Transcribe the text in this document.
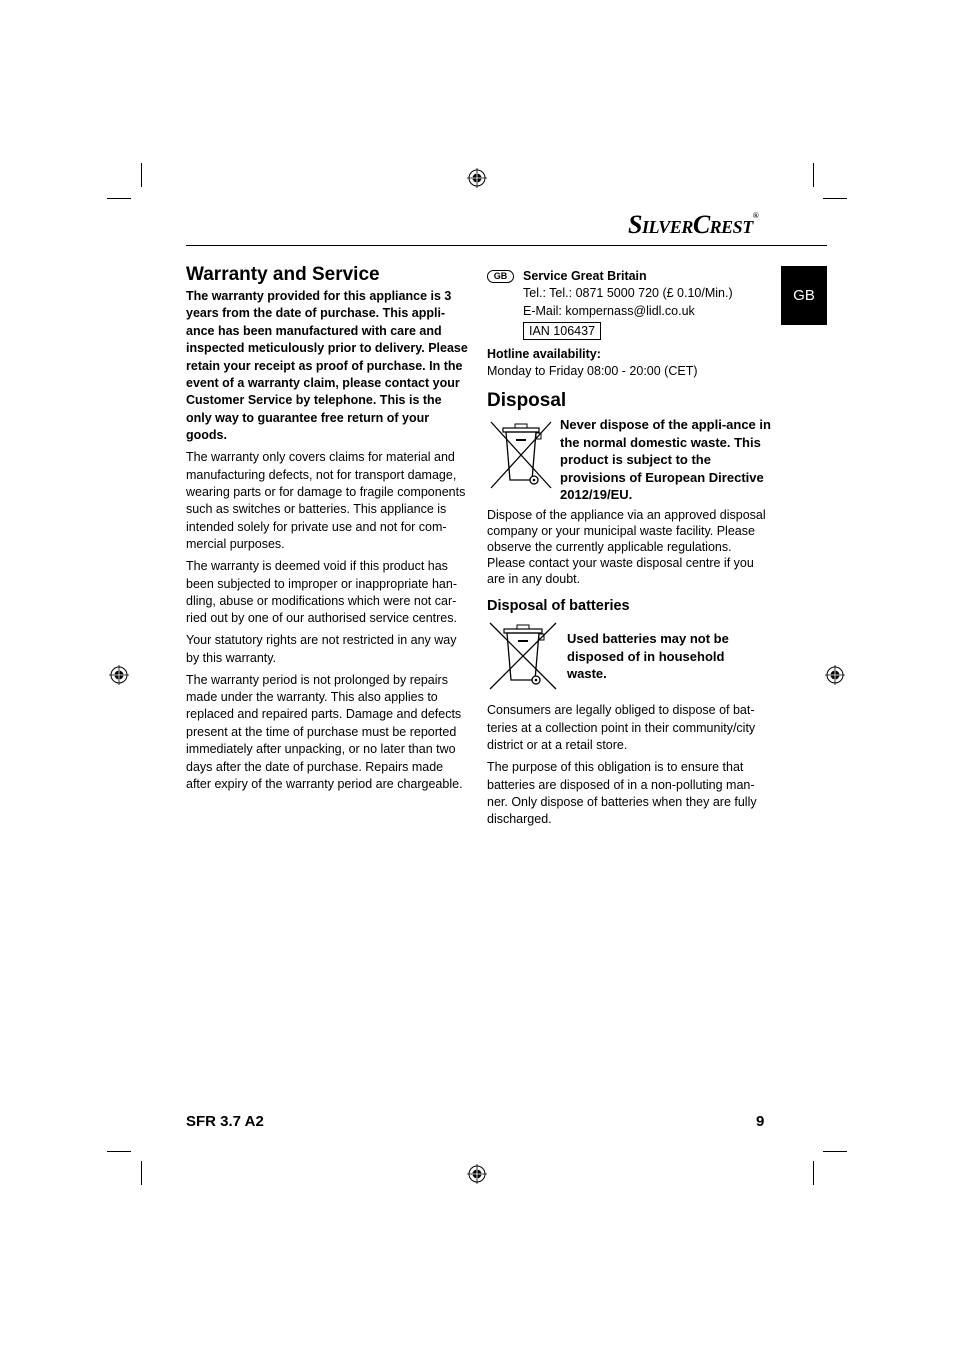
SILVERCREST®
GB
Warranty and Service

The warranty provided for this appliance is 3 years from the date of purchase. This appli-ance has been manufactured with care and inspected meticulously prior to delivery. Please retain your receipt as proof of purchase. In the event of a warranty claim, please contact your Customer Service by telephone. This is the only way to guarantee free return of your goods.

The warranty only covers claims for material and manufacturing defects, not for transport damage, wearing parts or for damage to fragile components such as switches or batteries. This appliance is intended solely for private use and not for com-mercial purposes.

The warranty is deemed void if this product has been subjected to improper or inappropriate han-dling, abuse or modifications which were not car-ried out by one of our authorised service centres.

Your statutory rights are not restricted in any way by this warranty.

The warranty period is not prolonged by repairs made under the warranty. This also applies to replaced and repaired parts. Damage and defects present at the time of purchase must be reported immediately after unpacking, or no later than two days after the date of purchase. Repairs made after expiry of the warranty period are chargeable.

GB	Service Great Britain
Tel.: Tel.: 0871 5000 720 (£ 0.10/Min.)
E-Mail: kompernass@lidl.co.uk
IAN 106437

Hotline availability:

Monday to Friday 08:00 - 20:00 (CET)

Disposal

Never dispose of the appli-ance in the normal domestic waste. This product is subject to the provisions of European Directive 2012/19/EU.

Dispose of the appliance via an approved disposal company or your municipal waste facility. Please observe the currently applicable regulations. Please contact your waste disposal centre if you are in any doubt.

Disposal of batteries

Used batteries may not be disposed of in household waste.

Consumers are legally obliged to dispose of bat-teries at a collection point in their community/city district or at a retail store.

The purpose of this obligation is to ensure that batteries are disposed of in a non-polluting man-ner. Only dispose of batteries when they are fully discharged.

SFR 3.7 A2	9
